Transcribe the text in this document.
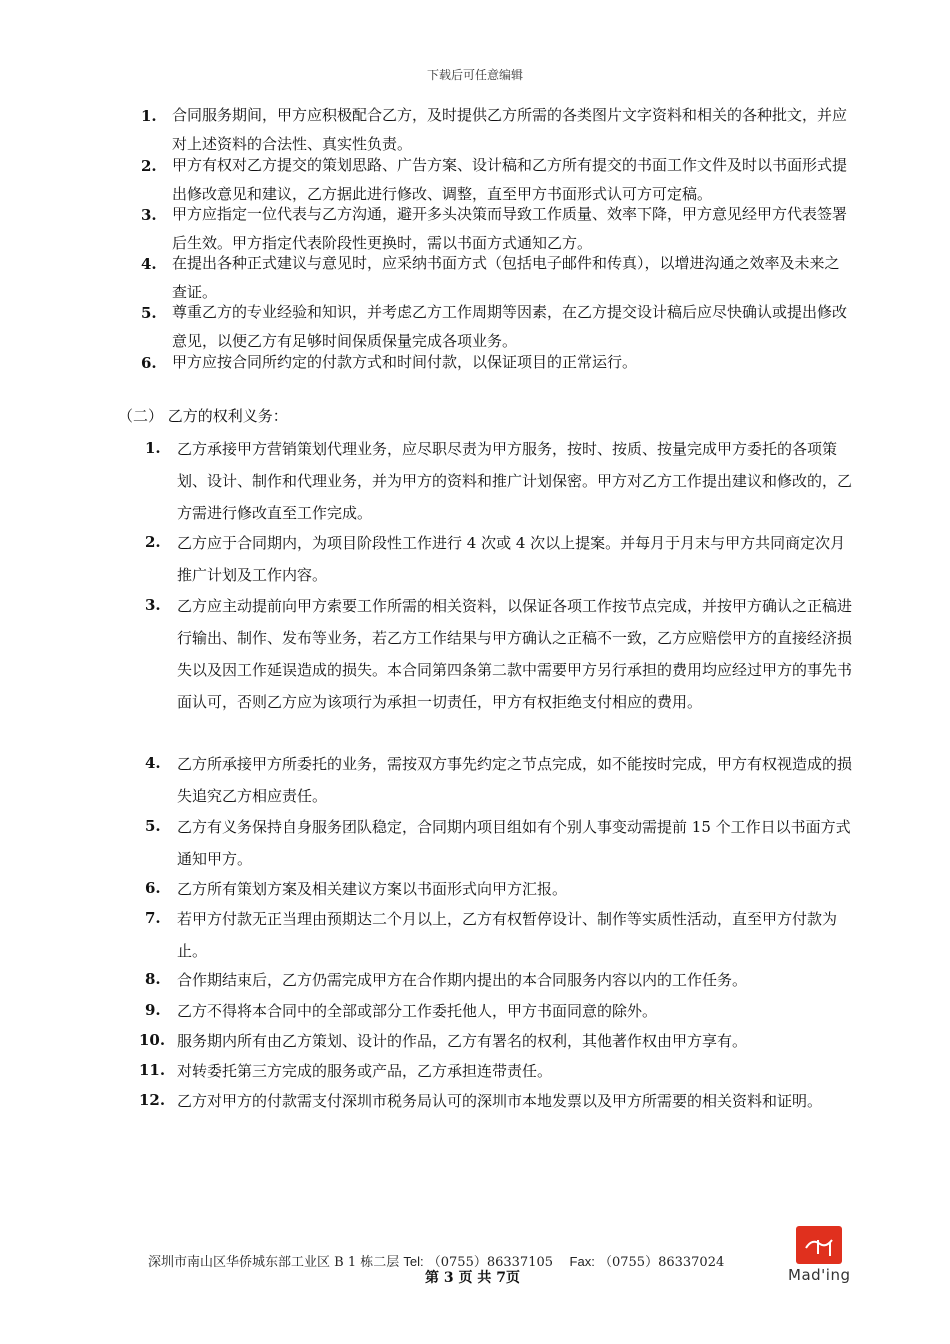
下载后可任意编辑
1.	合同服务期间，甲方应积极配合乙方，及时提供乙方所需的各类图片文字资料和相关的各种批文，并应对上述资料的合法性、真实性负责。
2.	甲方有权对乙方提交的策划思路、广告方案、设计稿和乙方所有提交的书面工作文件及时以书面形式提出修改意见和建议，乙方据此进行修改、调整，直至甲方书面形式认可方可定稿。
3.	甲方应指定一位代表与乙方沟通，避开多头决策而导致工作质量、效率下降，甲方意见经甲方代表签署后生效。甲方指定代表阶段性更换时，需以书面方式通知乙方。
4.	在提出各种正式建议与意见时，应采纳书面方式（包括电子邮件和传真），以增进沟通之效率及未来之查证。
5.	尊重乙方的专业经验和知识，并考虑乙方工作周期等因素，在乙方提交设计稿后应尽快确认或提出修改意见，以便乙方有足够时间保质保量完成各项业务。
6.	甲方应按合同所约定的付款方式和时间付款，以保证项目的正常运行。
（二） 乙方的权利义务：
1.	乙方承接甲方营销策划代理业务，应尽职尽责为甲方服务，按时、按质、按量完成甲方委托的各项策划、设计、制作和代理业务，并为甲方的资料和推广计划保密。甲方对乙方工作提出建议和修改的，乙方需进行修改直至工作完成。
2.	乙方应于合同期内，为项目阶段性工作进行 4 次或 4 次以上提案。并每月于月末与甲方共同商定次月推广计划及工作内容。
3.	乙方应主动提前向甲方索要工作所需的相关资料，以保证各项工作按节点完成，并按甲方确认之正稿进行输出、制作、发布等业务，若乙方工作结果与甲方确认之正稿不一致，乙方应赔偿甲方的直接经济损失以及因工作延误造成的损失。本合同第四条第二款中需要甲方另行承担的费用均应经过甲方的事先书面认可，否则乙方应为该项行为承担一切责任，甲方有权拒绝支付相应的费用。
4.	乙方所承接甲方所委托的业务，需按双方事先约定之节点完成，如不能按时完成，甲方有权视造成的损失追究乙方相应责任。
5.	乙方有义务保持自身服务团队稳定，合同期内项目组如有个别人事变动需提前 15 个工作日以书面方式通知甲方。
6.	乙方所有策划方案及相关建议方案以书面形式向甲方汇报。
7.	若甲方付款无正当理由预期达二个月以上，乙方有权暂停设计、制作等实质性活动，直至甲方付款为止。
8.	合作期结束后，乙方仍需完成甲方在合作期内提出的本合同服务内容以内的工作任务。
9.	乙方不得将本合同中的全部或部分工作委托他人，甲方书面同意的除外。
10. 服务期内所有由乙方策划、设计的作品，乙方有署名的权利，其他著作权由甲方享有。
11. 对转委托第三方完成的服务或产品，乙方承担连带责任。
12. 乙方对甲方的付款需支付深圳市税务局认可的深圳市本地发票以及甲方所需要的相关资料和证明。
深圳市南山区华侨城东部工业区 B 1 栋二层 Tel: （0755）86337105 Fax: （0755）86337024
第 3 页 共 7页	Mad'ing
